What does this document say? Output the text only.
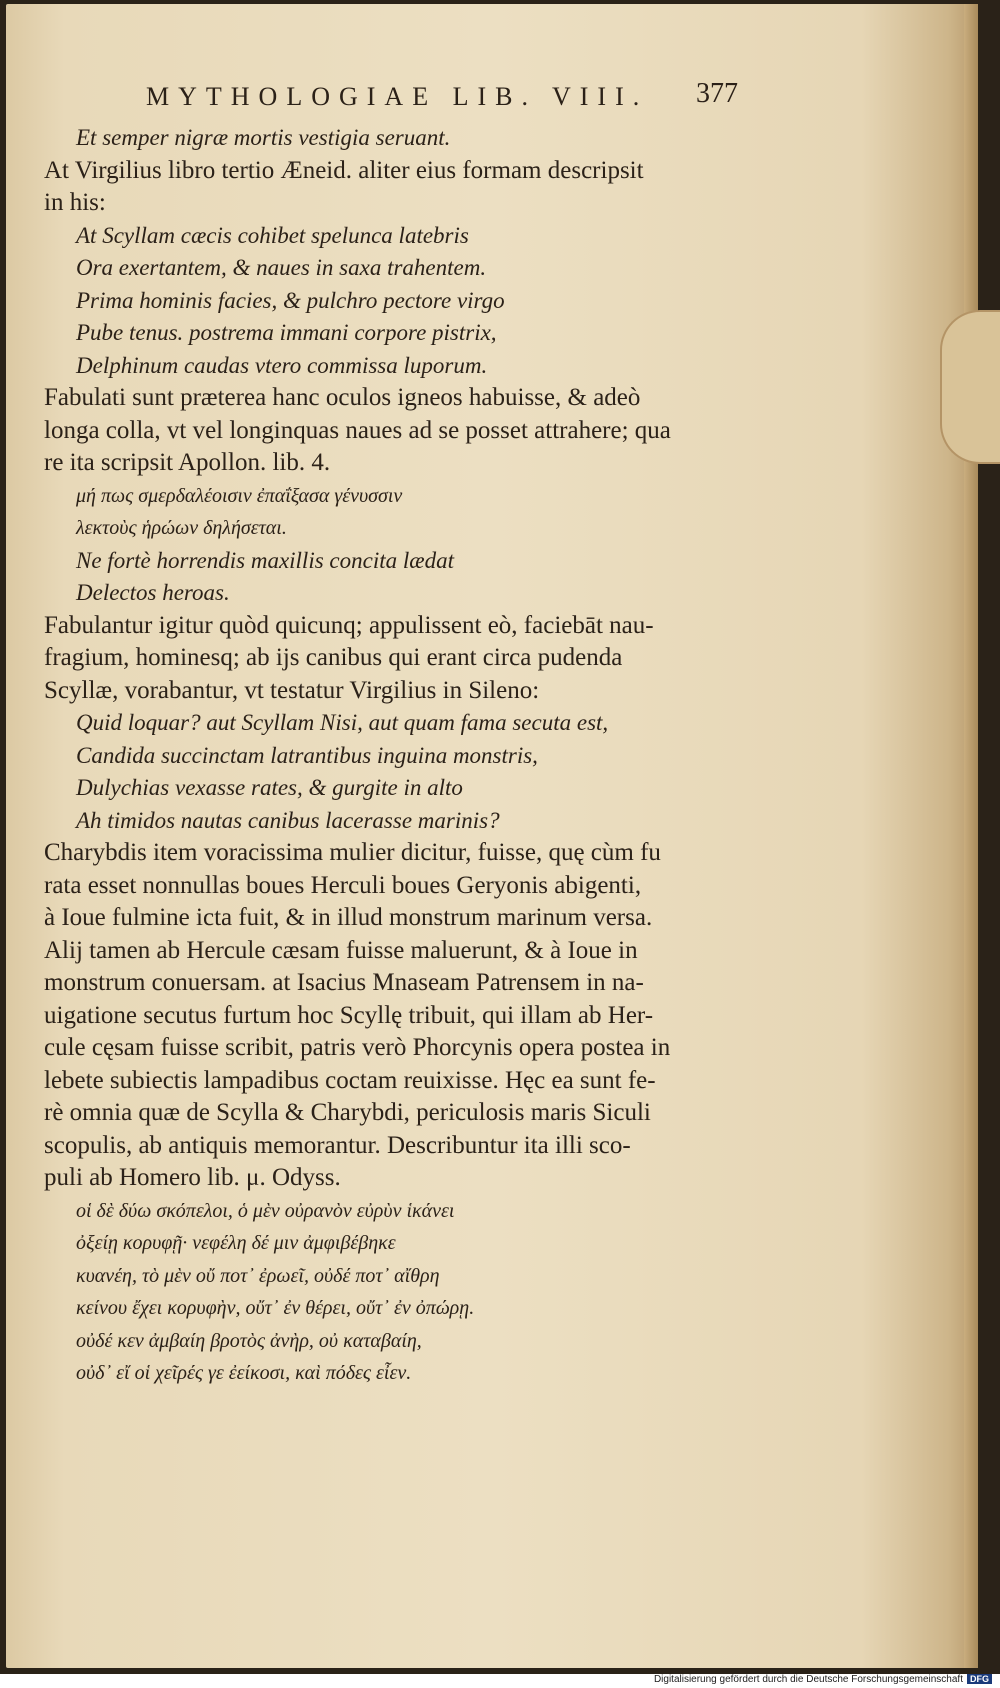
MYTHOLOGIAE LIB. VIII.	377
Et semper nigræ mortis vestigia seruant.
At Virgilius libro tertio Æneid. aliter eius formam descripsit
in his:
At Scyllam cæcis cohibet spelunca latebris
Ora exertantem, & naues in saxa trahentem.
Prima hominis facies, & pulchro pectore virgo
Pube tenus. postrema immani corpore pistrix,
Delphinum caudas vtero commissa luporum.
Fabulati sunt præterea hanc oculos igneos habuisse, & adeò
longa colla, vt vel longinquas naues ad se posset attrahere; qua
re ita scripsit Apollon. lib. 4.
μή πως σμερδαλέοισιν ἐπαΐξασα γένυσσιν
λεκτοὺς ἡρώων δηλήσεται.
Ne fortè horrendis maxillis concita lædat
Delectos heroas.
Fabulantur igitur quòd quicunq; appulissent eò, faciebāt nau-
fragium, hominesq; ab ijs canibus qui erant circa pudenda
Scyllæ, vorabantur, vt testatur Virgilius in Sileno:
Quid loquar? aut Scyllam Nisi, aut quam fama secuta est,
Candida succinctam latrantibus inguina monstris,
Dulychias vexasse rates, & gurgite in alto
Ah timidos nautas canibus lacerasse marinis?
Charybdis item voracissima mulier dicitur, fuisse, quę cùm fu
rata esset nonnullas boues Herculi boues Geryonis abigenti,
à Ioue fulmine icta fuit, & in illud monstrum marinum versa.
Alij tamen ab Hercule cæsam fuisse maluerunt, & à Ioue in
monstrum conuersam. at Isacius Mnaseam Patrensem in na-
uigatione secutus furtum hoc Scyllę tribuit, qui illam ab Her-
cule cęsam fuisse scribit, patris verò Phorcynis opera postea in
lebete subiectis lampadibus coctam reuixisse. Hęc ea sunt fe-
rè omnia quæ de Scylla & Charybdi, periculosis maris Siculi
scopulis, ab antiquis memorantur. Describuntur ita illi sco-
puli ab Homero lib. μ. Odyss.
οἱ δὲ δύω σκόπελοι, ὁ μὲν οὐρανὸν εὐρὺν ἱκάνει
ὀξείῃ κορυφῇ· νεφέλη δέ μιν ἀμφιβέβηκε
κυανέη, τὸ μὲν οὔ ποτ᾽ ἐρωεῖ, οὐδέ ποτ᾽ αἴθρη
κείνου ἔχει κορυφὴν, οὔτ᾽ ἐν θέρει, οὔτ᾽ ἐν ὀπώρῃ.
οὐδέ κεν ἀμβαίη βροτὸς ἀνὴρ, οὐ καταβαίη,
οὐδ᾽ εἴ οἱ χεῖρές γε ἐείκοσι, καὶ πόδες εἶεν.
Digitalisierung gefördert durch die Deutsche Forschungsgemeinschaft DFG
